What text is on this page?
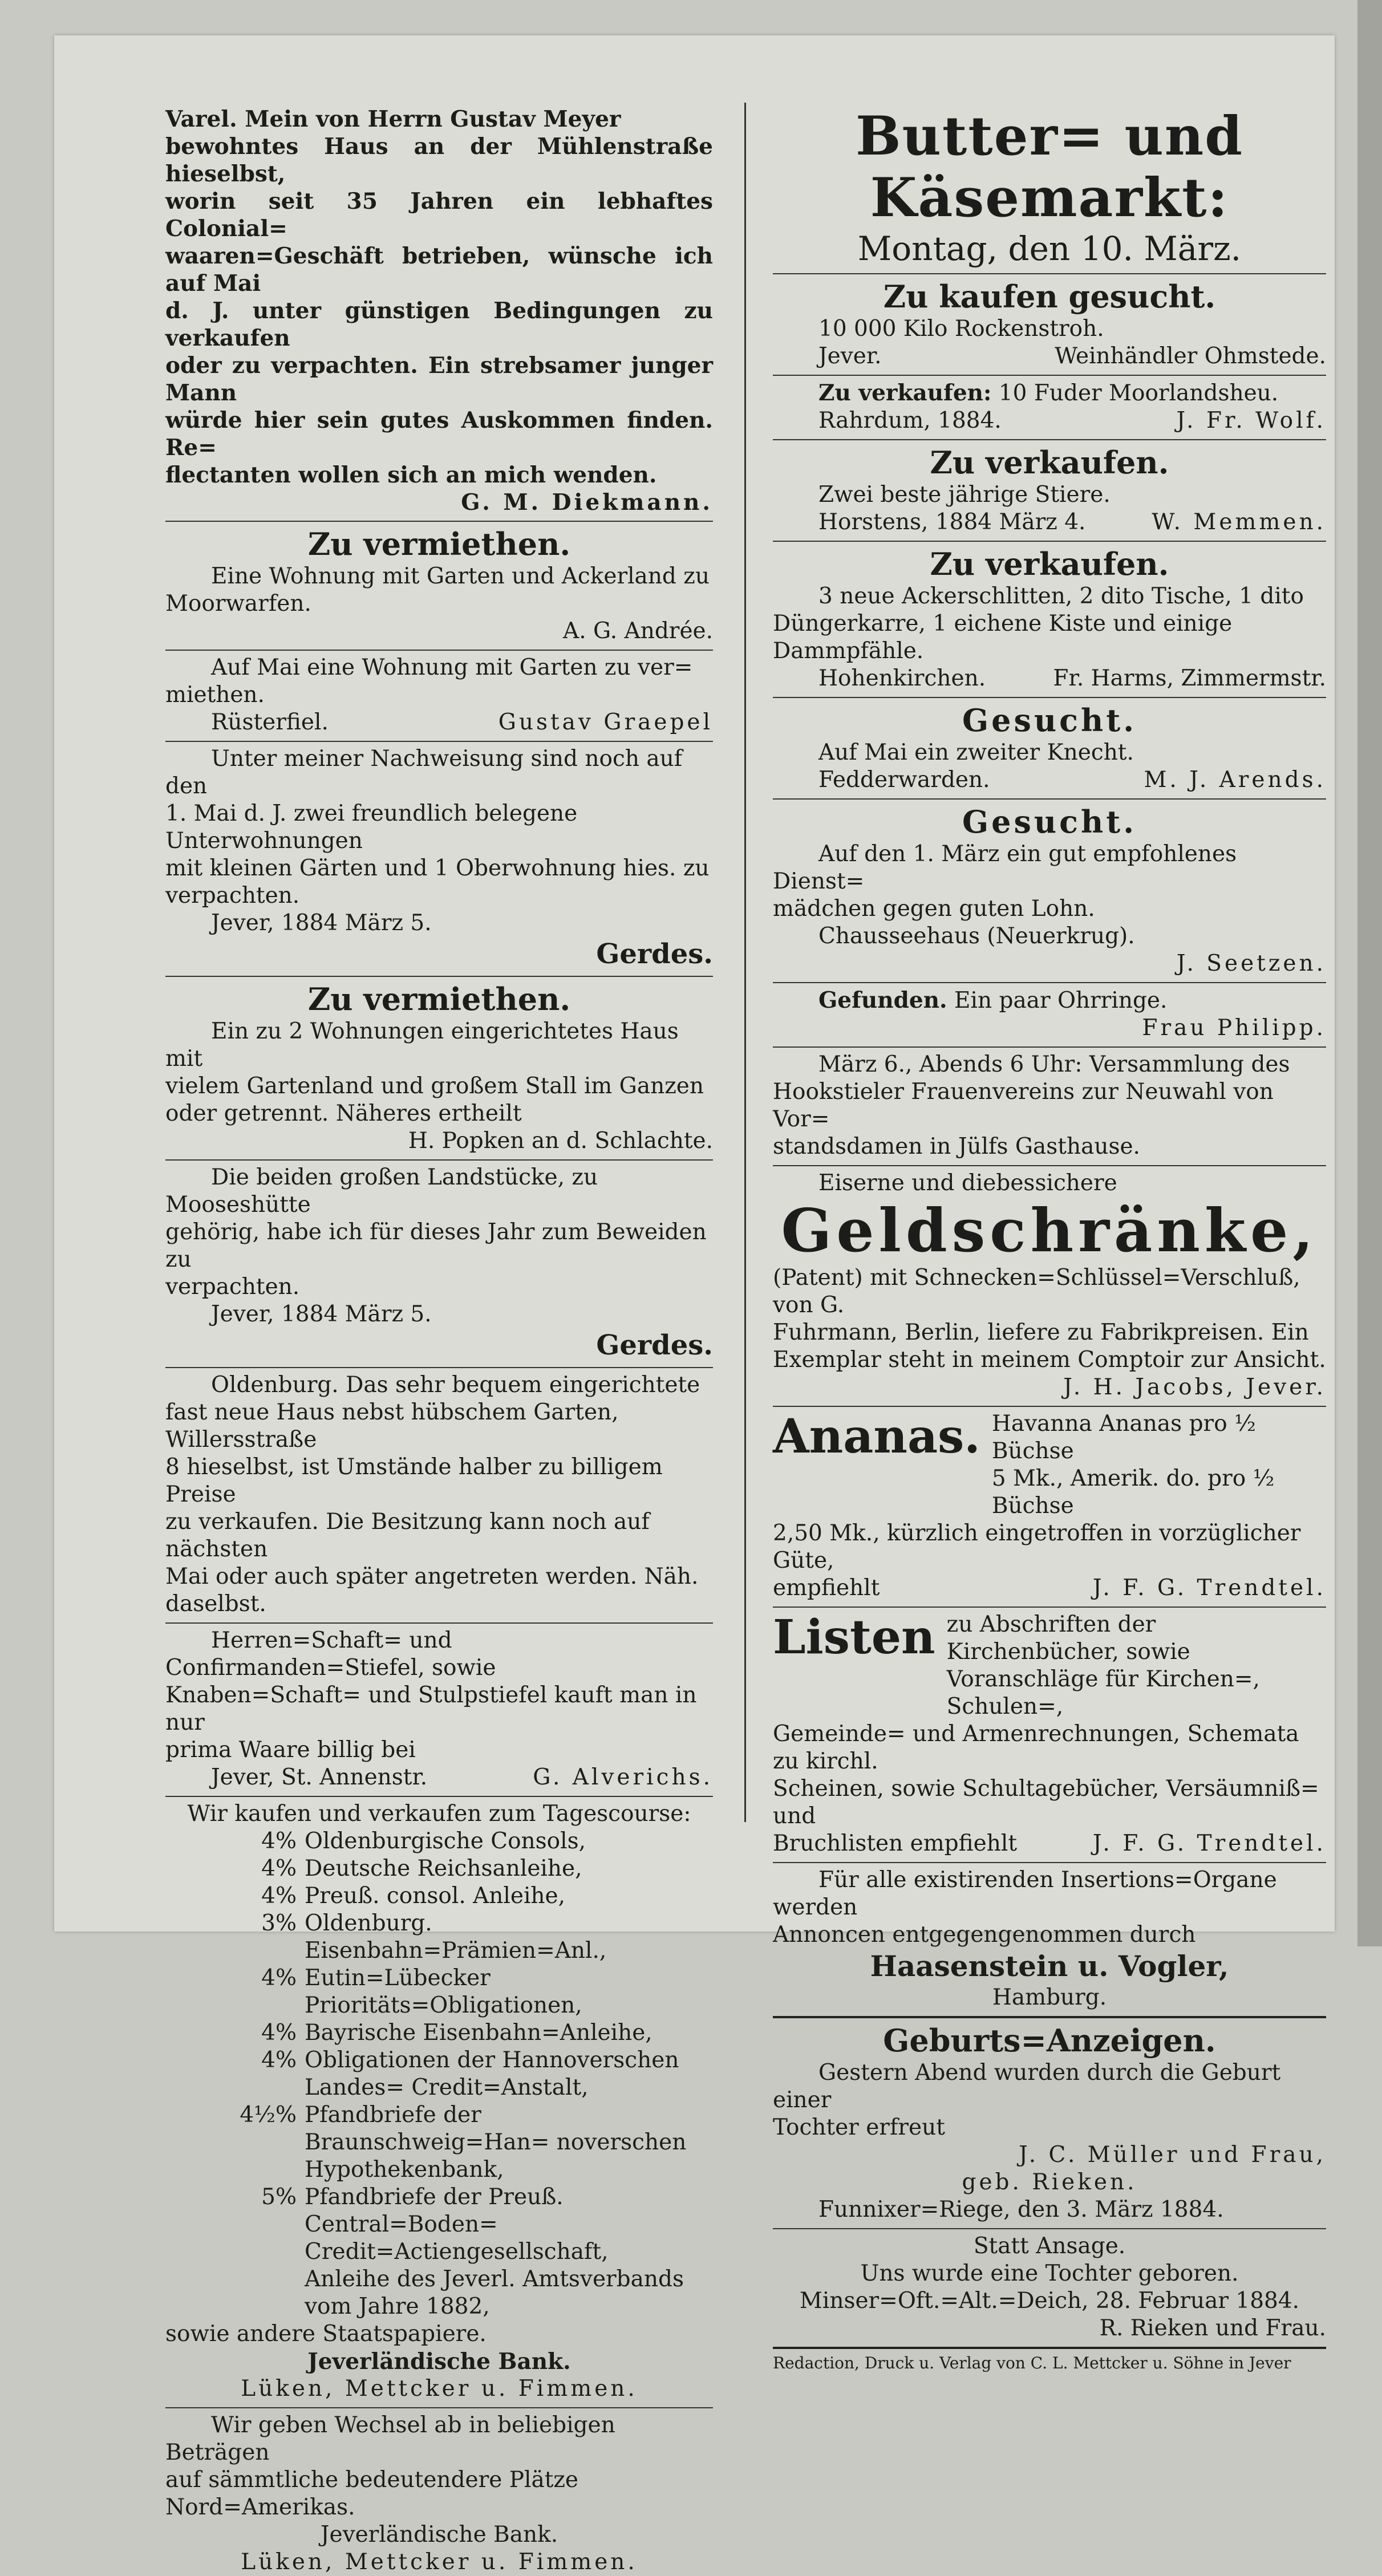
Varel. Mein von Herrn Gustav Meyer
bewohntes Haus an der Mühlenstraße hieselbst,
worin seit 35 Jahren ein lebhaftes Colonial=
waaren=Geschäft betrieben, wünsche ich auf Mai
d. J. unter günstigen Bedingungen zu verkaufen
oder zu verpachten. Ein strebsamer junger Mann
würde hier sein gutes Auskommen finden. Re=
flectanten wollen sich an mich wenden.
G. M. Diekmann.
Zu vermiethen.
Eine Wohnung mit Garten und Ackerland zu
Moorwarfen.
A. G. Andrée.
Auf Mai eine Wohnung mit Garten zu ver=
miethen.
Rüsterfiel.	Gustav Graepel
Unter meiner Nachweisung sind noch auf den
1. Mai d. J. zwei freundlich belegene Unterwohnungen
mit kleinen Gärten und 1 Oberwohnung hies. zu
verpachten.
Jever, 1884 März 5.
Gerdes.
Zu vermiethen.
Ein zu 2 Wohnungen eingerichtetes Haus mit
vielem Gartenland und großem Stall im Ganzen
oder getrennt. Näheres ertheilt
H. Popken an d. Schlachte.
Die beiden großen Landstücke, zu Mooseshütte
gehörig, habe ich für dieses Jahr zum Beweiden zu
verpachten.
Jever, 1884 März 5.
Gerdes.
Oldenburg. Das sehr bequem eingerichtete
fast neue Haus nebst hübschem Garten, Willersstraße
8 hieselbst, ist Umstände halber zu billigem Preise
zu verkaufen. Die Besitzung kann noch auf nächsten
Mai oder auch später angetreten werden. Näh. daselbst.
Herren=Schaft= und Confirmanden=Stiefel, sowie
Knaben=Schaft= und Stulpstiefel kauft man in nur
prima Waare billig bei
Jever, St. Annenstr.	G. Alverichs.
Wir kaufen und verkaufen zum Tagescourse:
4% Oldenburgische Consols,
4% Deutsche Reichsanleihe,
4% Preuß. consol. Anleihe,
3% Oldenburg. Eisenbahn=Prämien=Anl.,
4% Eutin=Lübecker Prioritäts=Obligationen,
4% Bayrische Eisenbahn=Anleihe,
4% Obligationen der Hannoverschen Landes= Credit=Anstalt,
4½% Pfandbriefe der Braunschweig=Han= noverschen Hypothekenbank,
5% Pfandbriefe der Preuß. Central=Boden= Credit=Actiengesellschaft,
Anleihe des Jeverl. Amtsverbands vom Jahre 1882,
sowie andere Staatspapiere.
Jeverländische Bank.
Lüken, Mettcker u. Fimmen.
Wir geben Wechsel ab in beliebigen Beträgen
auf sämmtliche bedeutendere Plätze Nord=Amerikas.
Jeverländische Bank.
Lüken, Mettcker u. Fimmen.
Butter= und Käsemarkt:
Montag, den 10. März.
Zu kaufen gesucht.
10 000 Kilo Rockenstroh.
Jever.	Weinhändler Ohmstede.
Zu verkaufen: 10 Fuder Moorlandsheu.
Rahrdum, 1884.	J. Fr. Wolf.
Zu verkaufen.
Zwei beste jährige Stiere.
Horstens, 1884 März 4.	W. Memmen.
Zu verkaufen.
3 neue Ackerschlitten, 2 dito Tische, 1 dito
Düngerkarre, 1 eichene Kiste und einige Dammpfähle.
Hohenkirchen.	Fr. Harms, Zimmermstr.
Gesucht.
Auf Mai ein zweiter Knecht.
Fedderwarden.	M. J. Arends.
Gesucht.
Auf den 1. März ein gut empfohlenes Dienst=
mädchen gegen guten Lohn.
Chausseehaus (Neuerkrug).
J. Seetzen.
Gefunden. Ein paar Ohrringe.
Frau Philipp.
März 6., Abends 6 Uhr: Versammlung des
Hookstieler Frauenvereins zur Neuwahl von Vor=
standsdamen in Jülfs Gasthause.
Eiserne und diebessichere
Geldschränke,
(Patent) mit Schnecken=Schlüssel=Verschluß, von G.
Fuhrmann, Berlin, liefere zu Fabrikpreisen. Ein
Exemplar steht in meinem Comptoir zur Ansicht.
J. H. Jacobs, Jever.
Ananas. Havanna Ananas pro ½ Büchse
5 Mk., Amerik. do. pro ½ Büchse
2,50 Mk., kürzlich eingetroffen in vorzüglicher Güte,
empfiehlt	J. F. G. Trendtel.
Listen zu Abschriften der Kirchenbücher, sowie
Voranschläge für Kirchen=, Schulen=,
Gemeinde= und Armenrechnungen, Schemata zu kirchl.
Scheinen, sowie Schultagebücher, Versäumniß= und
Bruchlisten empfiehlt	J. F. G. Trendtel.
Für alle existirenden Insertions=Organe werden
Annoncen entgegengenommen durch
Haasenstein u. Vogler,
Hamburg.
Geburts=Anzeigen.
Gestern Abend wurden durch die Geburt einer
Tochter erfreut
J. C. Müller und Frau,
geb. Rieken.
Funnixer=Riege, den 3. März 1884.
Statt Ansage.
Uns wurde eine Tochter geboren.
Minser=Oft.=Alt.=Deich, 28. Februar 1884.
R. Rieken und Frau.
Redaction, Druck u. Verlag von C. L. Mettcker u. Söhne in Jever
